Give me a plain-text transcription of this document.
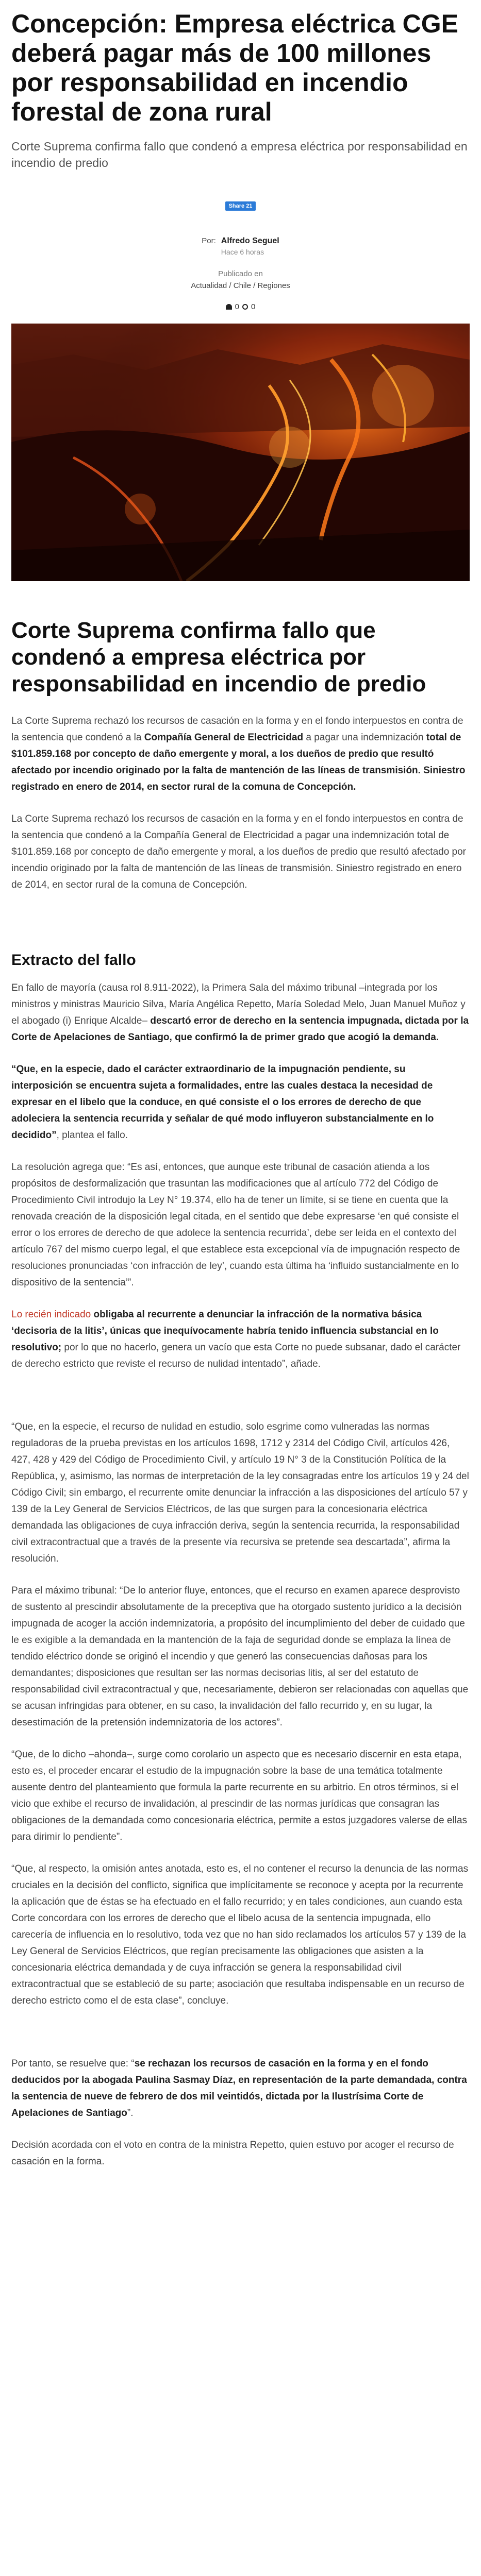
Concepción: Empresa eléctrica CGE deberá pagar más de 100 millones por responsabilidad en incendio forestal de zona rural

Corte Suprema confirma fallo que condenó a empresa eléctrica por responsabilidad en incendio de predio

Share 21
Por: Alfredo Seguel
Hace 6 horas
Publicado en
Actualidad / Chile / Regiones
0 0
Corte Suprema confirma fallo que condenó a empresa eléctrica por responsabilidad en incendio de predio

La Corte Suprema rechazó los recursos de casación en la forma y en el fondo interpuestos en contra de la sentencia que condenó a la Compañía General de Electricidad a pagar una indemnización total de $101.859.168 por concepto de daño emergente y moral, a los dueños de predio que resultó afectado por incendio originado por la falta de mantención de las líneas de transmisión. Siniestro registrado en enero de 2014, en sector rural de la comuna de Concepción.

La Corte Suprema rechazó los recursos de casación en la forma y en el fondo interpuestos en contra de la sentencia que condenó a la Compañía General de Electricidad a pagar una indemnización total de $101.859.168 por concepto de daño emergente y moral, a los dueños de predio que resultó afectado por incendio originado por la falta de mantención de las líneas de transmisión. Siniestro registrado en enero de 2014, en sector rural de la comuna de Concepción.

Extracto del fallo

En fallo de mayoría (causa rol 8.911-2022), la Primera Sala del máximo tribunal –integrada por los ministros y ministras Mauricio Silva, María Angélica Repetto, María Soledad Melo, Juan Manuel Muñoz y el abogado (i) Enrique Alcalde– descartó error de derecho en la sentencia impugnada, dictada por la Corte de Apelaciones de Santiago, que confirmó la de primer grado que acogió la demanda.

“Que, en la especie, dado el carácter extraordinario de la impugnación pendiente, su interposición se encuentra sujeta a formalidades, entre las cuales destaca la necesidad de expresar en el libelo que la conduce, en qué consiste el o los errores de derecho de que adoleciera la sentencia recurrida y señalar de qué modo influyeron substancialmente en lo decidido”, plantea el fallo.

La resolución agrega que: “Es así, entonces, que aunque este tribunal de casación atienda a los propósitos de desformalización que trasuntan las modificaciones que al artículo 772 del Código de Procedimiento Civil introdujo la Ley N° 19.374, ello ha de tener un límite, si se tiene en cuenta que la renovada creación de la disposición legal citada, en el sentido que debe expresarse ‘en qué consiste el error o los errores de derecho de que adolece la sentencia recurrida’, debe ser leída en el contexto del artículo 767 del mismo cuerpo legal, el que establece esta excepcional vía de impugnación respecto de resoluciones pronunciadas ‘con infracción de ley’, cuando esta última ha ‘influido sustancialmente en lo dispositivo de la sentencia’”.

Lo recién indicado obligaba al recurrente a denunciar la infracción de la normativa básica ‘decisoria de la litis’, únicas que inequívocamente habría tenido influencia substancial en lo resolutivo; por lo que no hacerlo, genera un vacío que esta Corte no puede subsanar, dado el carácter de derecho estricto que reviste el recurso de nulidad intentado”, añade.

“Que, en la especie, el recurso de nulidad en estudio, solo esgrime como vulneradas las normas reguladoras de la prueba previstas en los artículos 1698, 1712 y 2314 del Código Civil, artículos 426, 427, 428 y 429 del Código de Procedimiento Civil, y artículo 19 N° 3 de la Constitución Política de la República, y, asimismo, las normas de interpretación de la ley consagradas entre los artículos 19 y 24 del Código Civil; sin embargo, el recurrente omite denunciar la infracción a las disposiciones del artículo 57 y 139 de la Ley General de Servicios Eléctricos, de las que surgen para la concesionaria eléctrica demandada las obligaciones de cuya infracción deriva, según la sentencia recurrida, la responsabilidad civil extracontractual que a través de la presente vía recursiva se pretende sea descartada”, afirma la resolución.

Para el máximo tribunal: “De lo anterior fluye, entonces, que el recurso en examen aparece desprovisto de sustento al prescindir absolutamente de la preceptiva que ha otorgado sustento jurídico a la decisión impugnada de acoger la acción indemnizatoria, a propósito del incumplimiento del deber de cuidado que le es exigible a la demandada en la mantención de la faja de seguridad donde se emplaza la línea de tendido eléctrico donde se originó el incendio y que generó las consecuencias dañosas para los demandantes; disposiciones que resultan ser las normas decisorias litis, al ser del estatuto de responsabilidad civil extracontractual y que, necesariamente, debieron ser relacionadas con aquellas que se acusan infringidas para obtener, en su caso, la invalidación del fallo recurrido y, en su lugar, la desestimación de la pretensión indemnizatoria de los actores”.

“Que, de lo dicho –ahonda–, surge como corolario un aspecto que es necesario discernir en esta etapa, esto es, el proceder encarar el estudio de la impugnación sobre la base de una temática totalmente ausente dentro del planteamiento que formula la parte recurrente en su arbitrio. En otros términos, si el vicio que exhibe el recurso de invalidación, al prescindir de las normas jurídicas que consagran las obligaciones de la demandada como concesionaria eléctrica, permite a estos juzgadores valerse de ellas para dirimir lo pendiente”.

“Que, al respecto, la omisión antes anotada, esto es, el no contener el recurso la denuncia de las normas cruciales en la decisión del conflicto, significa que implícitamente se reconoce y acepta por la recurrente la aplicación que de éstas se ha efectuado en el fallo recurrido; y en tales condiciones, aun cuando esta Corte concordara con los errores de derecho que el libelo acusa de la sentencia impugnada, ello carecería de influencia en lo resolutivo, toda vez que no han sido reclamados los artículos 57 y 139 de la Ley General de Servicios Eléctricos, que regían precisamente las obligaciones que asisten a la concesionaria eléctrica demandada y de cuya infracción se genera la responsabilidad civil extracontractual que se estableció de su parte; asociación que resultaba indispensable en un recurso de derecho estricto como el de esta clase”, concluye.

Por tanto, se resuelve que: “se rechazan los recursos de casación en la forma y en el fondo deducidos por la abogada Paulina Sasmay Díaz, en representación de la parte demandada, contra la sentencia de nueve de febrero de dos mil veintidós, dictada por la Ilustrísima Corte de Apelaciones de Santiago”.

Decisión acordada con el voto en contra de la ministra Repetto, quien estuvo por acoger el recurso de casación en la forma.
